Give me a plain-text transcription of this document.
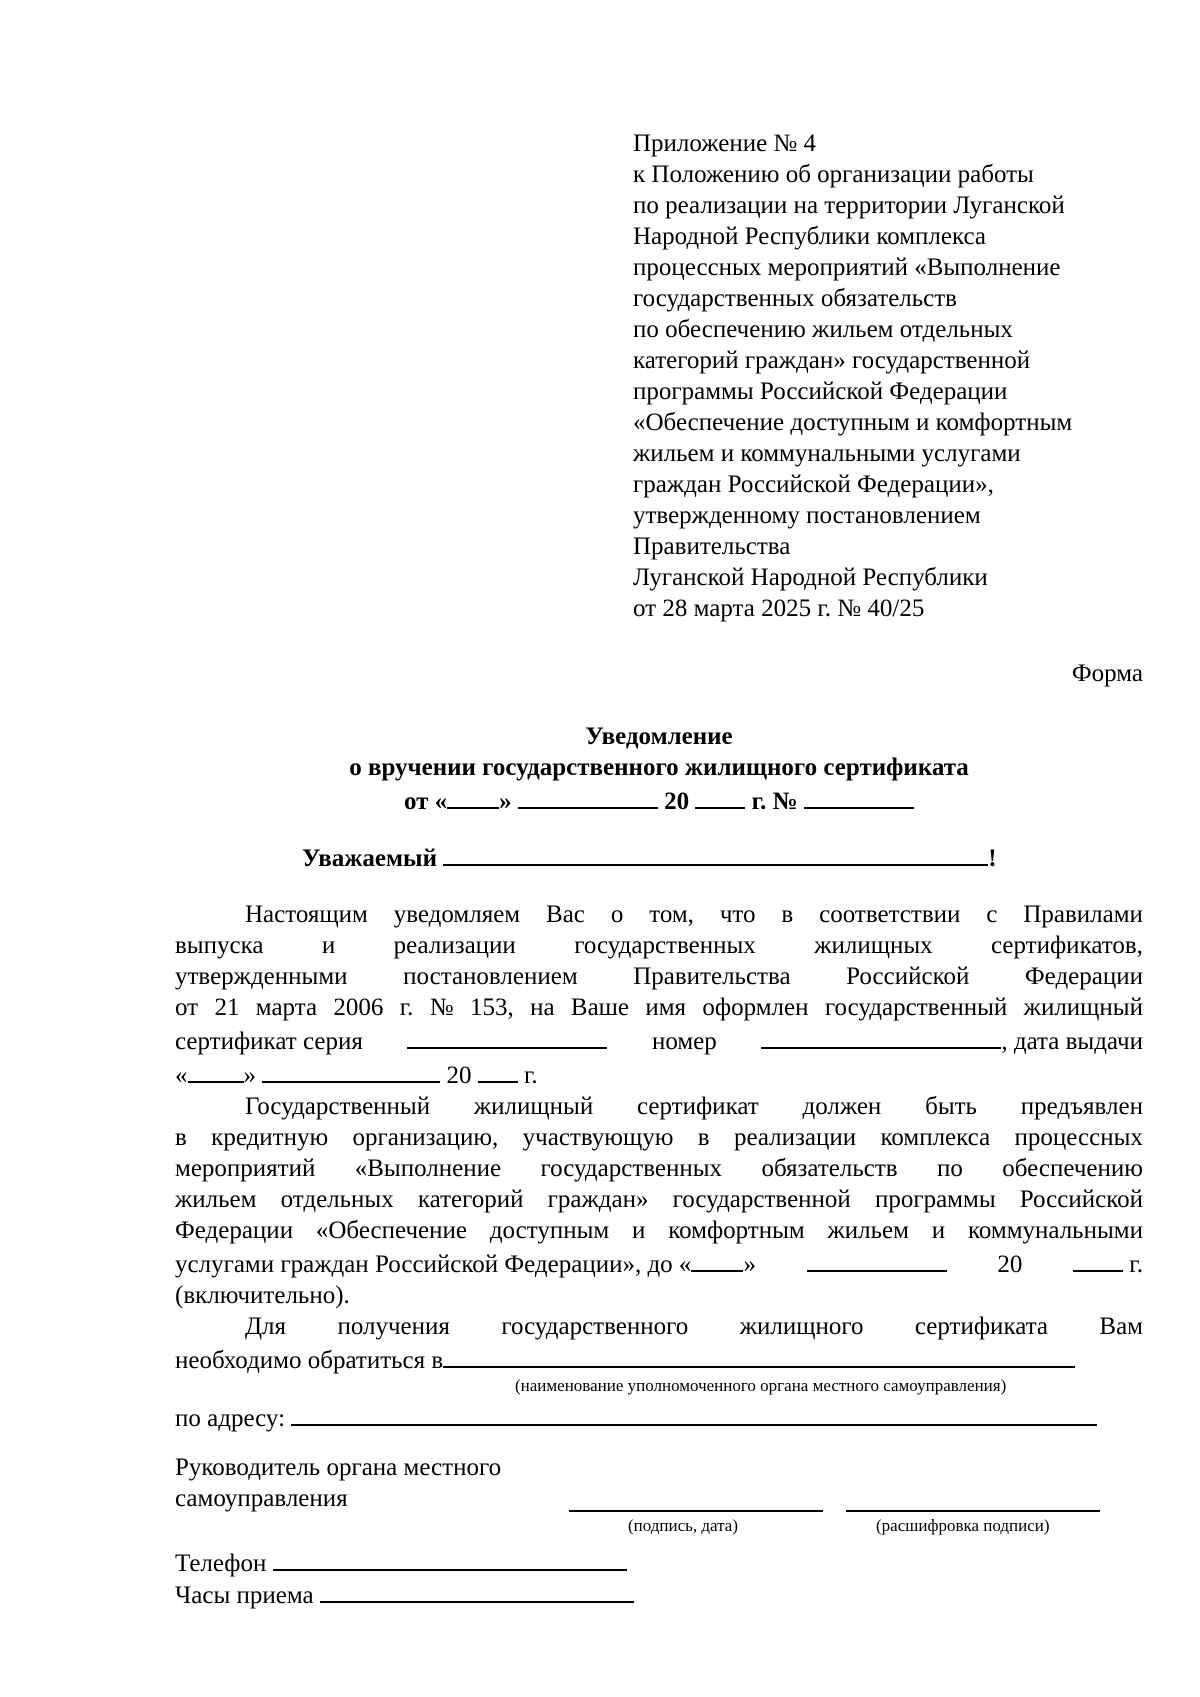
Приложение № 4
к Положению об организации работы
по реализации на территории Луганской
Народной Республики комплекса
процессных мероприятий «Выполнение
государственных обязательств
по обеспечению жильем отдельных
категорий граждан» государственной
программы Российской Федерации
«Обеспечение доступным и комфортным
жильем и коммунальными услугами
граждан Российской Федерации»,
утвержденному постановлением
Правительства
Луганской Народной Республики
от 28 марта 2025 г. № 40/25
Форма
Уведомление
о вручении государственного жилищного сертификата
от « »	20	г. №
Уважаемый	!
Настоящим уведомляем Вас о том, что в соответствии с Правилами
выпуска и реализации государственных жилищных сертификатов,
утвержденными постановлением Правительства Российской Федерации
от 21 марта 2006 г. № 153, на Ваше имя оформлен государственный жилищный
сертификат серия	номер	, дата выдачи
« »	20 г.
Государственный жилищный сертификат должен быть предъявлен
в кредитную организацию, участвующую в реализации комплекса процессных
мероприятий «Выполнение государственных обязательств по обеспечению
жильем отдельных категорий граждан» государственной программы Российской
Федерации «Обеспечение доступным и комфортным жильем и коммунальными
услугами граждан Российской Федерации», до « »	20	г.
(включительно).
Для получения государственного жилищного сертификата Вам
необходимо обратиться в
(наименование уполномоченного органа местного самоуправления)
по адресу:
Руководитель органа местного
самоуправления
(подпись, дата)	(расшифровка подписи)
Телефон
Часы приема
